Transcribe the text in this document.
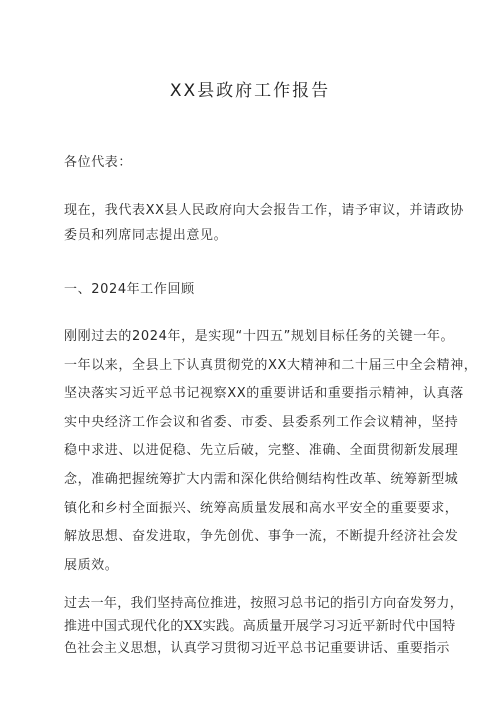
XX县政府工作报告

各位代表：

现在，我代表XX县人民政府向大会报告工作，请予审议，并请政协
委员和列席同志提出意见。

一、2024年工作回顾

刚刚过去的2024年，是实现“十四五”规划目标任务的关键一年。
一年以来，全县上下认真贯彻党的XX大精神和二十届三中全会精神，
坚决落实习近平总书记视察XX的重要讲话和重要指示精神，认真落
实中央经济工作会议和省委、市委、县委系列工作会议精神，坚持
稳中求进、以进促稳、先立后破，完整、准确、全面贯彻新发展理
念，准确把握统筹扩大内需和深化供给侧结构性改革、统筹新型城
镇化和乡村全面振兴、统筹高质量发展和高水平安全的重要要求，
解放思想、奋发进取，争先创优、事争一流，不断提升经济社会发
展质效。

过去一年，我们坚持高位推进，按照习总书记的指引方向奋发努力，
推进中国式现代化的XX实践。高质量开展学习习近平新时代中国特
色社会主义思想，认真学习贯彻习近平总书记重要讲话、重要指示
